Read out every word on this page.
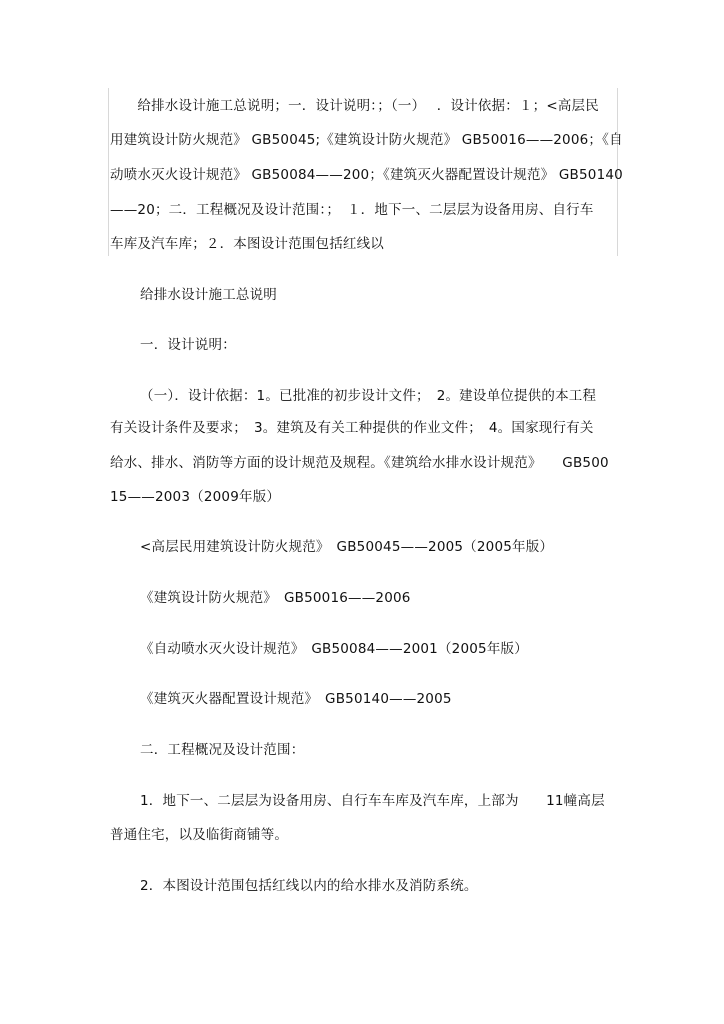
　　给排水设计施工总说明；一．设计说明：；（一）　 ．设计依据：１；<高层民
用建筑设计防火规范》 GB50045;《建筑设计防火规范》 GB50016——2006；《自
动喷水灭火设计规范》 GB50084——200；《建筑灭火器配置设计规范》 GB50140
——20；二．工程概况及设计范围：；　１．地下一、二层层为设备用房、自行车
车库及汽车库；２．本图设计范围包括红线以
给排水设计施工总说明
一．设计说明：
（一）．设计依据：1。已批准的初步设计文件；　2。建设单位提供的本工程
有关设计条件及要求；　3。建筑及有关工种提供的作业文件；　4。国家现行有关
给水、排水、消防等方面的设计规范及规程。《建筑给水排水设计规范》　　GB500
15——2003（2009年版）
<高层民用建筑设计防火规范》　GB50045——2005（2005年版）
《建筑设计防火规范》　GB50016——2006
《自动喷水灭火设计规范》　GB50084——2001（2005年版）
《建筑灭火器配置设计规范》　GB50140——2005
二．工程概况及设计范围：
1．地下一、二层层为设备用房、自行车车库及汽车库，上部为　　11幢高层
普通住宅，以及临街商铺等。
2．本图设计范围包括红线以内的给水排水及消防系统。
